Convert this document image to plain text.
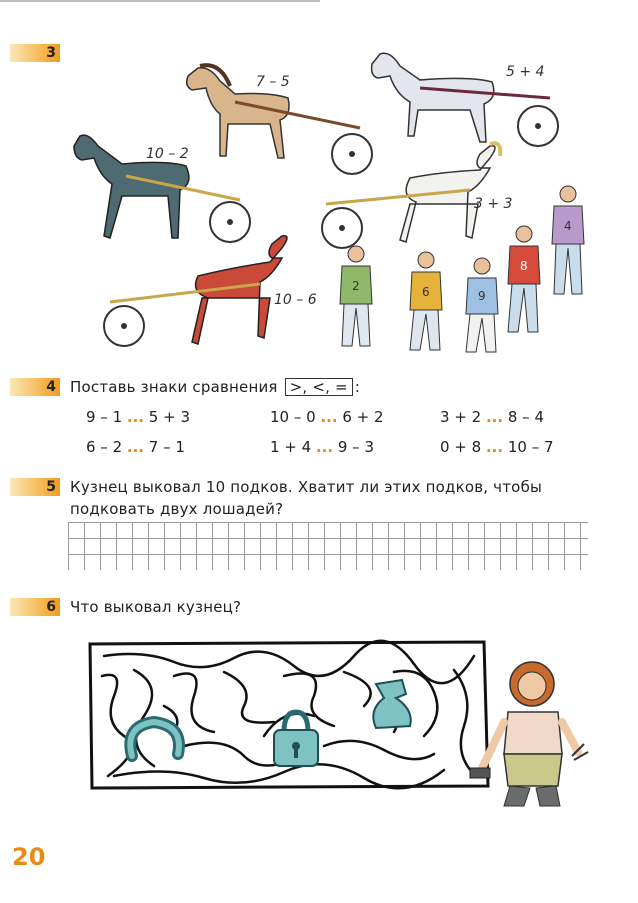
3
7 – 5
5 + 4
10 – 2
3 + 3
10 – 6
2	6	9
8
4
4 Поставь знаки сравнения >, <, = :
9 – 1 ... 5 + 3	10 – 0 ... 6 + 2	3 + 2 ... 8 – 4
6 – 2 ... 7 – 1	1 + 4 ... 9 – 3	0 + 8 ... 10 – 7
5 Кузнец выковал 10 подков. Хватит ли этих подков, чтобы
подковать двух лошадей?
6 Что выковал кузнец?
20
